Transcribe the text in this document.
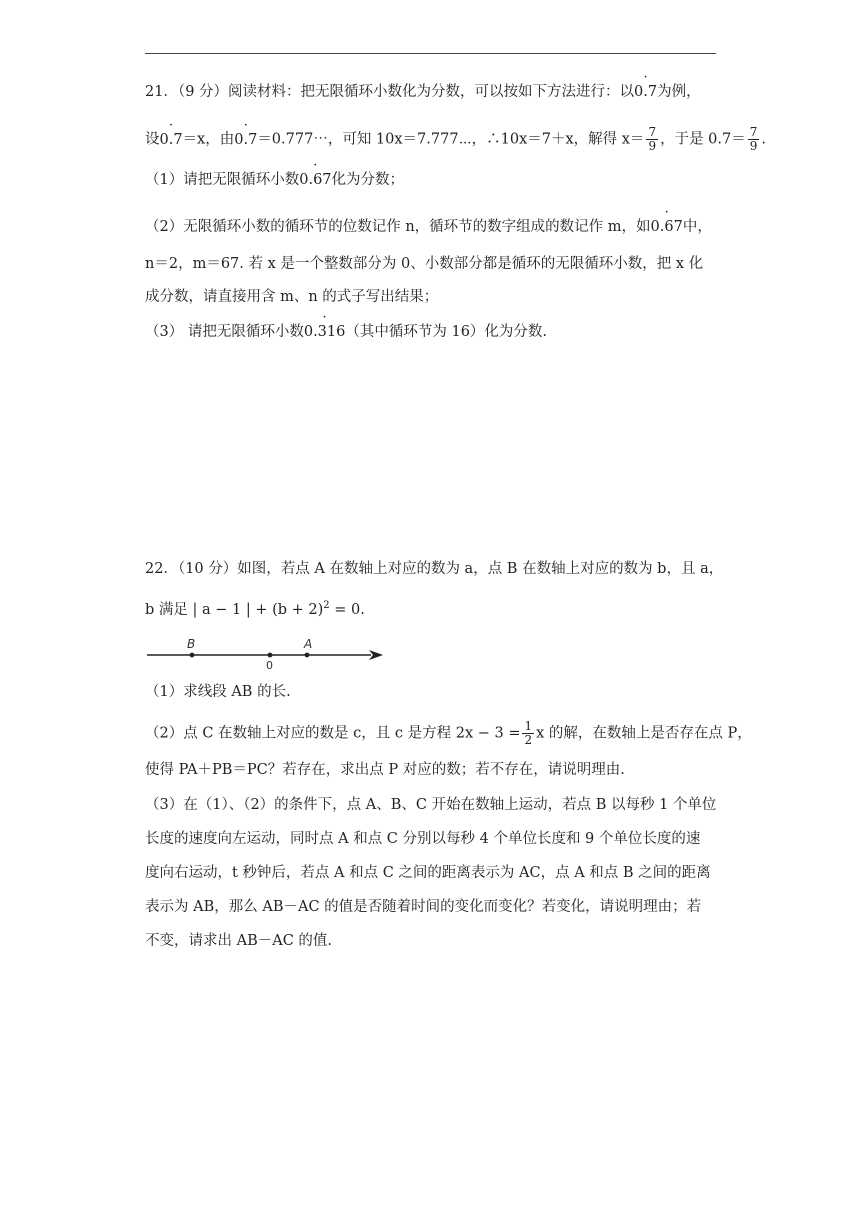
21．（9 分）阅读材料：把无限循环小数化为分数，可以按如下方法进行：以· 0.7为例，
设· 0.7＝x，由· 0.7＝0.777⋯，可知 10x＝7.777⋯，∴10x＝7＋x，解得 $x= \frac{7}{9}$ ，于是 $0.7= \frac{7}{9}$ .
（1）请把无限循环小数· 0.67化为分数；
（2）无限循环小数的循环节的位数记作 n，循环节的数字组成的数记作 m，如· 0.67中，
n＝2，m＝67. 若 x 是一个整数部分为 0、小数部分都是循环的无限循环小数，把 x 化
成分数，请直接用含 m、n 的式子写出结果；
（3） 请把无限循环小数· 0.316（其中循环节为 16）化为分数.
22．（10 分）如图，若点 A 在数轴上对应的数为 a，点 B 在数轴上对应的数为 b，且 a，
b 满足 | a − 1 | + $(b + 2)^2 = 0$.
B
0
A
（1）求线段 AB 的长.
（2）点 C 在数轴上对应的数是 c，且 c 是方程 $2x - 3 = \frac{1}{2}$ x 的解，在数轴上是否存在点 P，
使得 PA＋PB＝PC？若存在，求出点 P 对应的数；若不存在，请说明理由.
（3）在（1）、（2）的条件下，点 A、B、C 开始在数轴上运动，若点 B 以每秒 1 个单位
长度的速度向左运动，同时点 A 和点 C 分别以每秒 4 个单位长度和 9 个单位长度的速
度向右运动，t 秒钟后，若点 A 和点 C 之间的距离表示为 AC，点 A 和点 B 之间的距离
表示为 AB，那么 AB－AC 的值是否随着时间的变化而变化？若变化，请说明理由；若
不变，请求出 AB－AC 的值.
